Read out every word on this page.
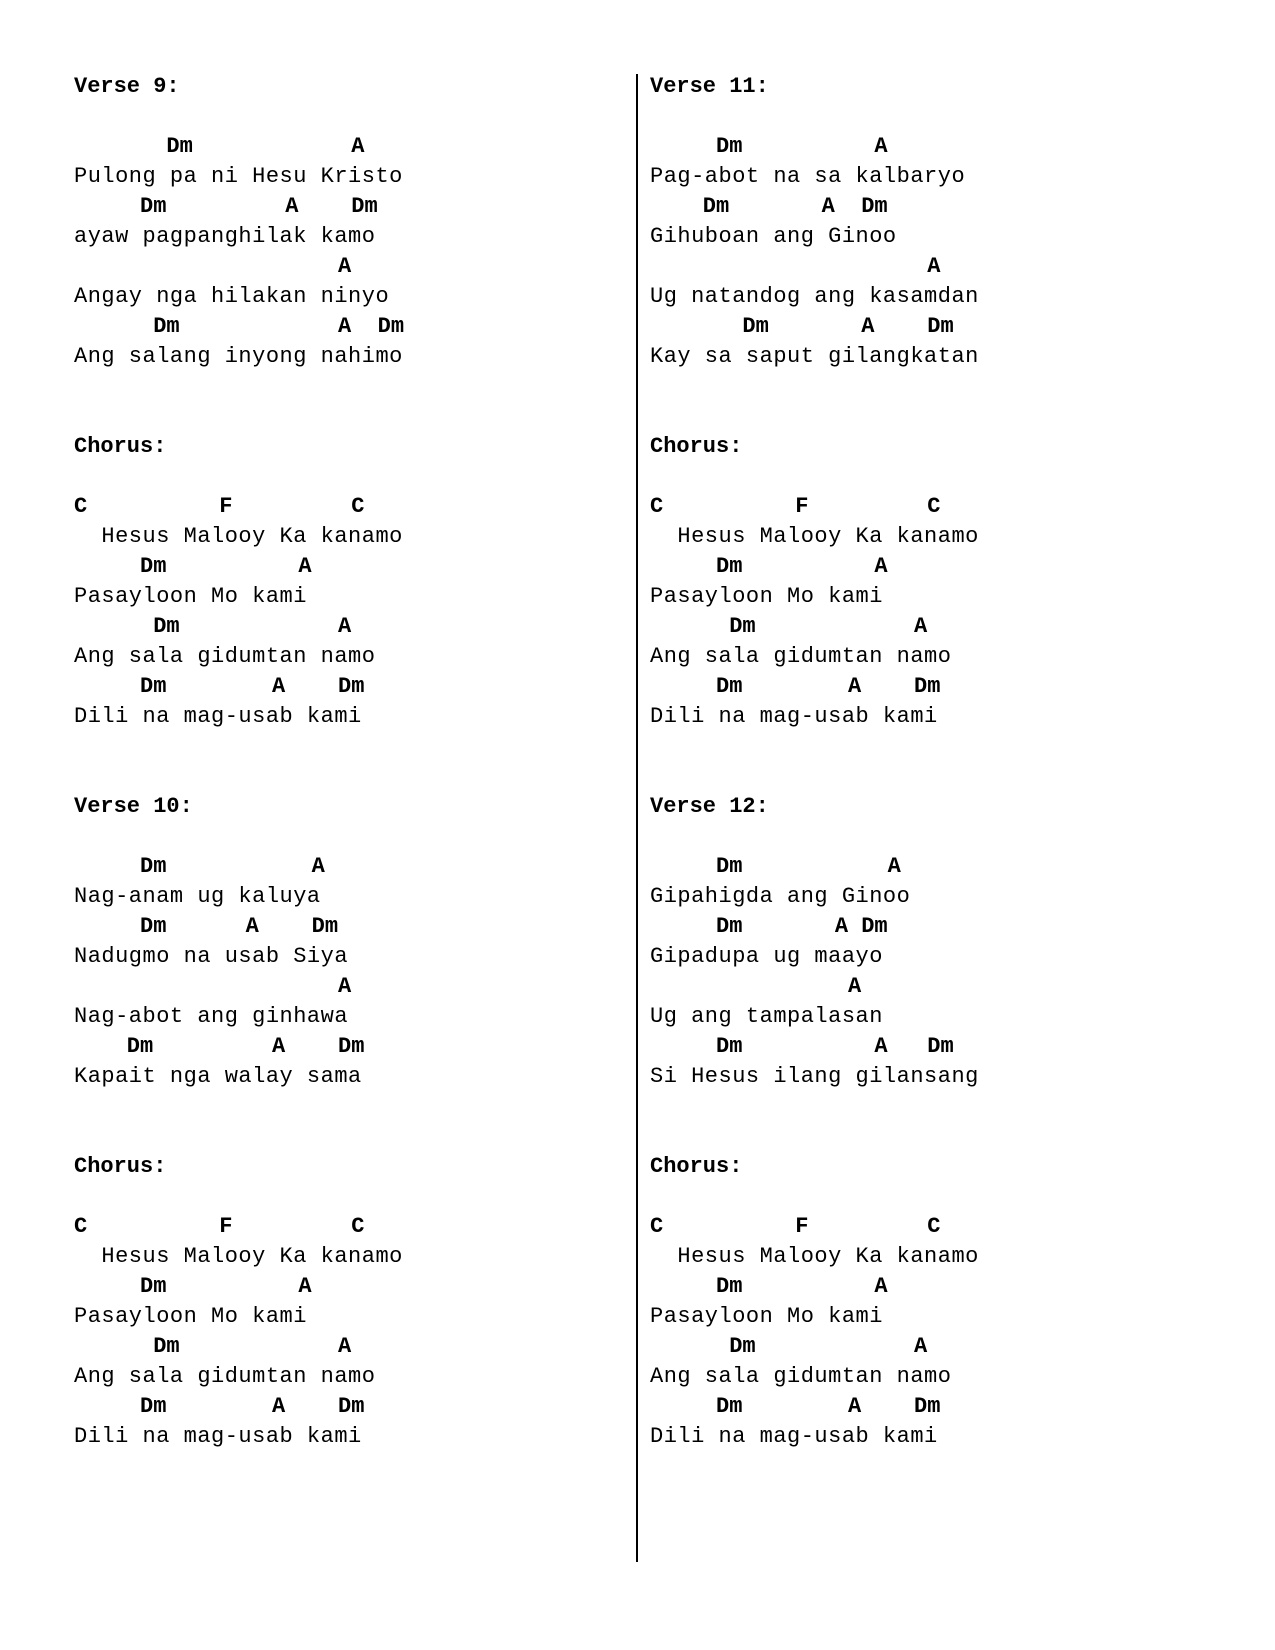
Verse 9:
Dm            A
Pulong pa ni Hesu Kristo
Dm         A    Dm
ayaw pagpanghilak kamo
A
Angay nga hilakan ninyo
Dm            A  Dm
Ang salang inyong nahimo
Chorus:
C          F         C
Hesus Malooy Ka kanamo
Dm          A
Pasayloon Mo kami
Dm            A
Ang sala gidumtan namo
Dm        A    Dm
Dili na mag-usab kami
Verse 10:
Dm           A
Nag-anam ug kaluya
Dm      A    Dm
Nadugmo na usab Siya
A
Nag-abot ang ginhawa
Dm         A    Dm
Kapait nga walay sama
Chorus:
C          F         C
Hesus Malooy Ka kanamo
Dm          A
Pasayloon Mo kami
Dm            A
Ang sala gidumtan namo
Dm        A    Dm
Dili na mag-usab kami
Verse 11:
Dm          A
Pag-abot na sa kalbaryo
Dm       A  Dm
Gihuboan ang Ginoo
A
Ug natandog ang kasamdan
Dm       A    Dm
Kay sa saput gilangkatan
Chorus:
C          F         C
Hesus Malooy Ka kanamo
Dm          A
Pasayloon Mo kami
Dm            A
Ang sala gidumtan namo
Dm        A    Dm
Dili na mag-usab kami
Verse 12:
Dm           A
Gipahigda ang Ginoo
Dm       A Dm
Gipadupa ug maayo
A
Ug ang tampalasan
Dm          A   Dm
Si Hesus ilang gilansang
Chorus:
C          F         C
Hesus Malooy Ka kanamo
Dm          A
Pasayloon Mo kami
Dm            A
Ang sala gidumtan namo
Dm        A    Dm
Dili na mag-usab kami
